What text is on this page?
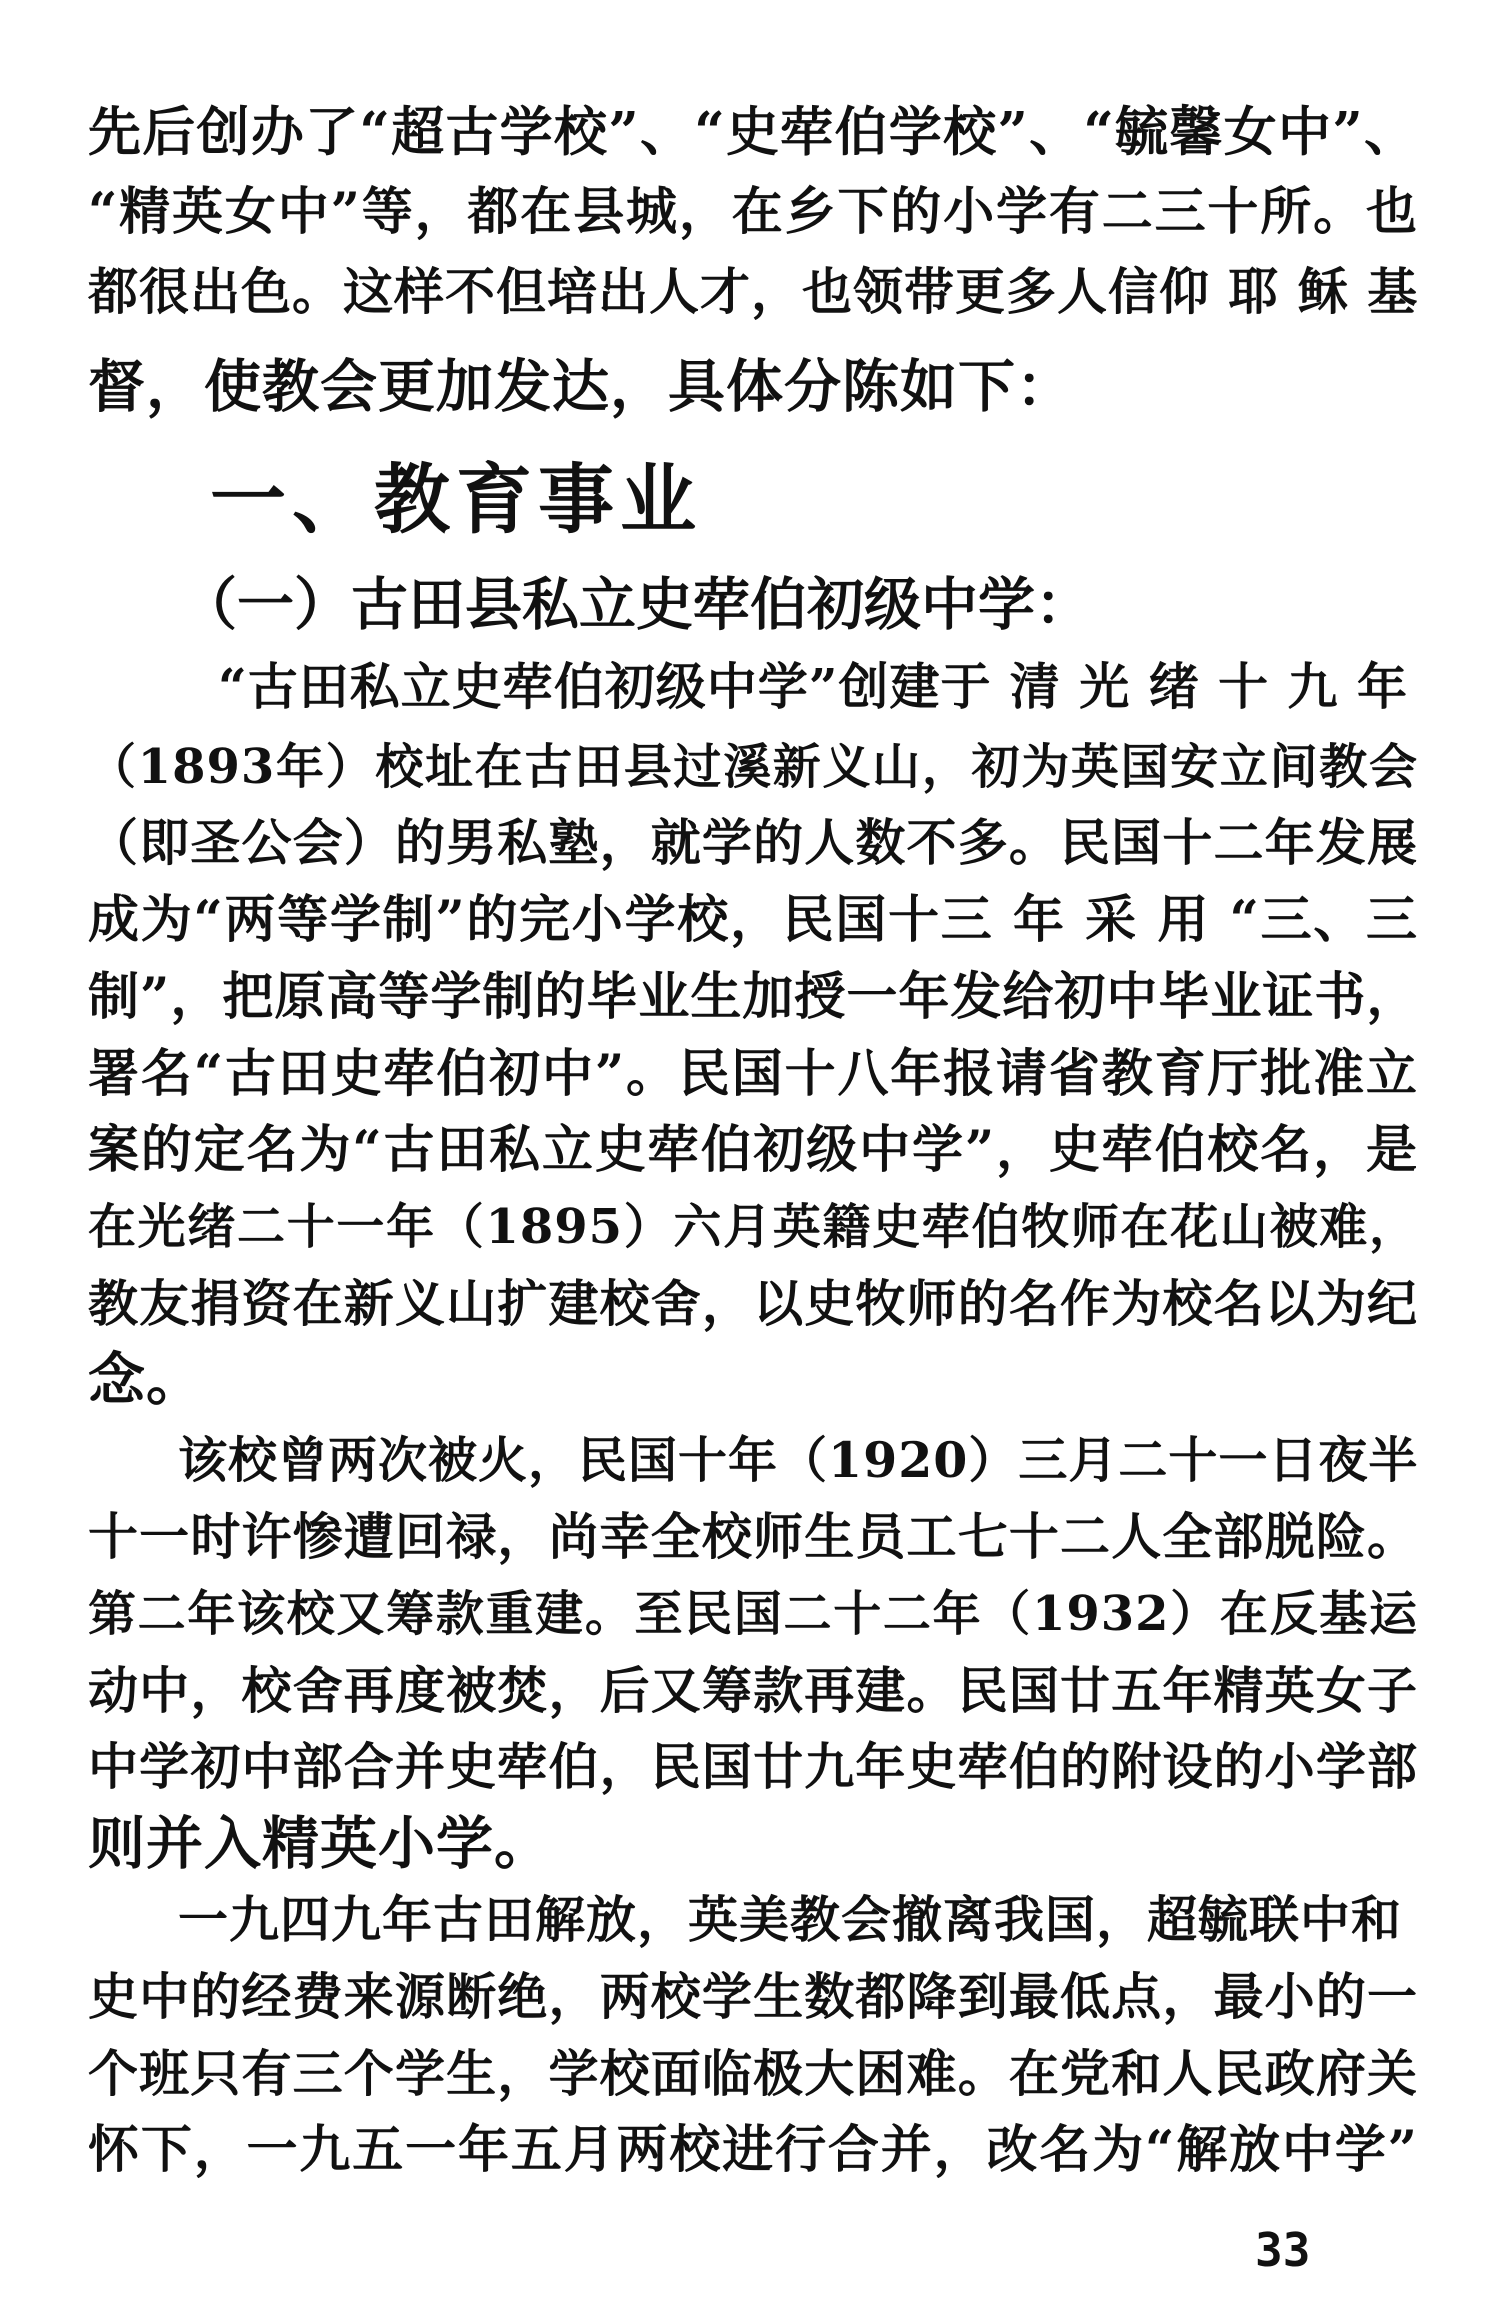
先后创办了“超古学校”、“史荦伯学校”、“毓馨女中”、
“精英女中”等，都在县城，在乡下的小学有二三十所。也
都很出色。这样不但培出人才，也领带更多人信仰 耶 稣 基
督，使教会更加发达，具体分陈如下：
一、教育事业
（一）古田县私立史荦伯初级中学：
“古田私立史荦伯初级中学”创建于 清 光 绪 十 九 年
（1893年）校址在古田县过溪新义山，初为英国安立间教会
（即圣公会）的男私塾，就学的人数不多。民国十二年发展
成为“两等学制”的完小学校，民国十三 年 采 用 “三、三
制”，把原高等学制的毕业生加授一年发给初中毕业证书，
署名“古田史荦伯初中”。民国十八年报请省教育厅批准立
案的定名为“古田私立史荦伯初级中学”，史荦伯校名，是
在光绪二十一年（1895）六月英籍史荦伯牧师在花山被难，
教友捐资在新义山扩建校舍，以史牧师的名作为校名以为纪
念。
该校曾两次被火，民国十年（1920）三月二十一日夜半
十一时许惨遭回禄，尚幸全校师生员工七十二人全部脱险。
第二年该校又筹款重建。至民国二十二年（1932）在反基运
动中，校舍再度被焚，后又筹款再建。民国廿五年精英女子
中学初中部合并史荦伯，民国廿九年史荦伯的附设的小学部
则并入精英小学。
一九四九年古田解放，英美教会撤离我国，超毓联中和
史中的经费来源断绝，两校学生数都降到最低点，最小的一
个班只有三个学生，学校面临极大困难。在党和人民政府关
怀下，一九五一年五月两校进行合并，改名为“解放中学”
33
